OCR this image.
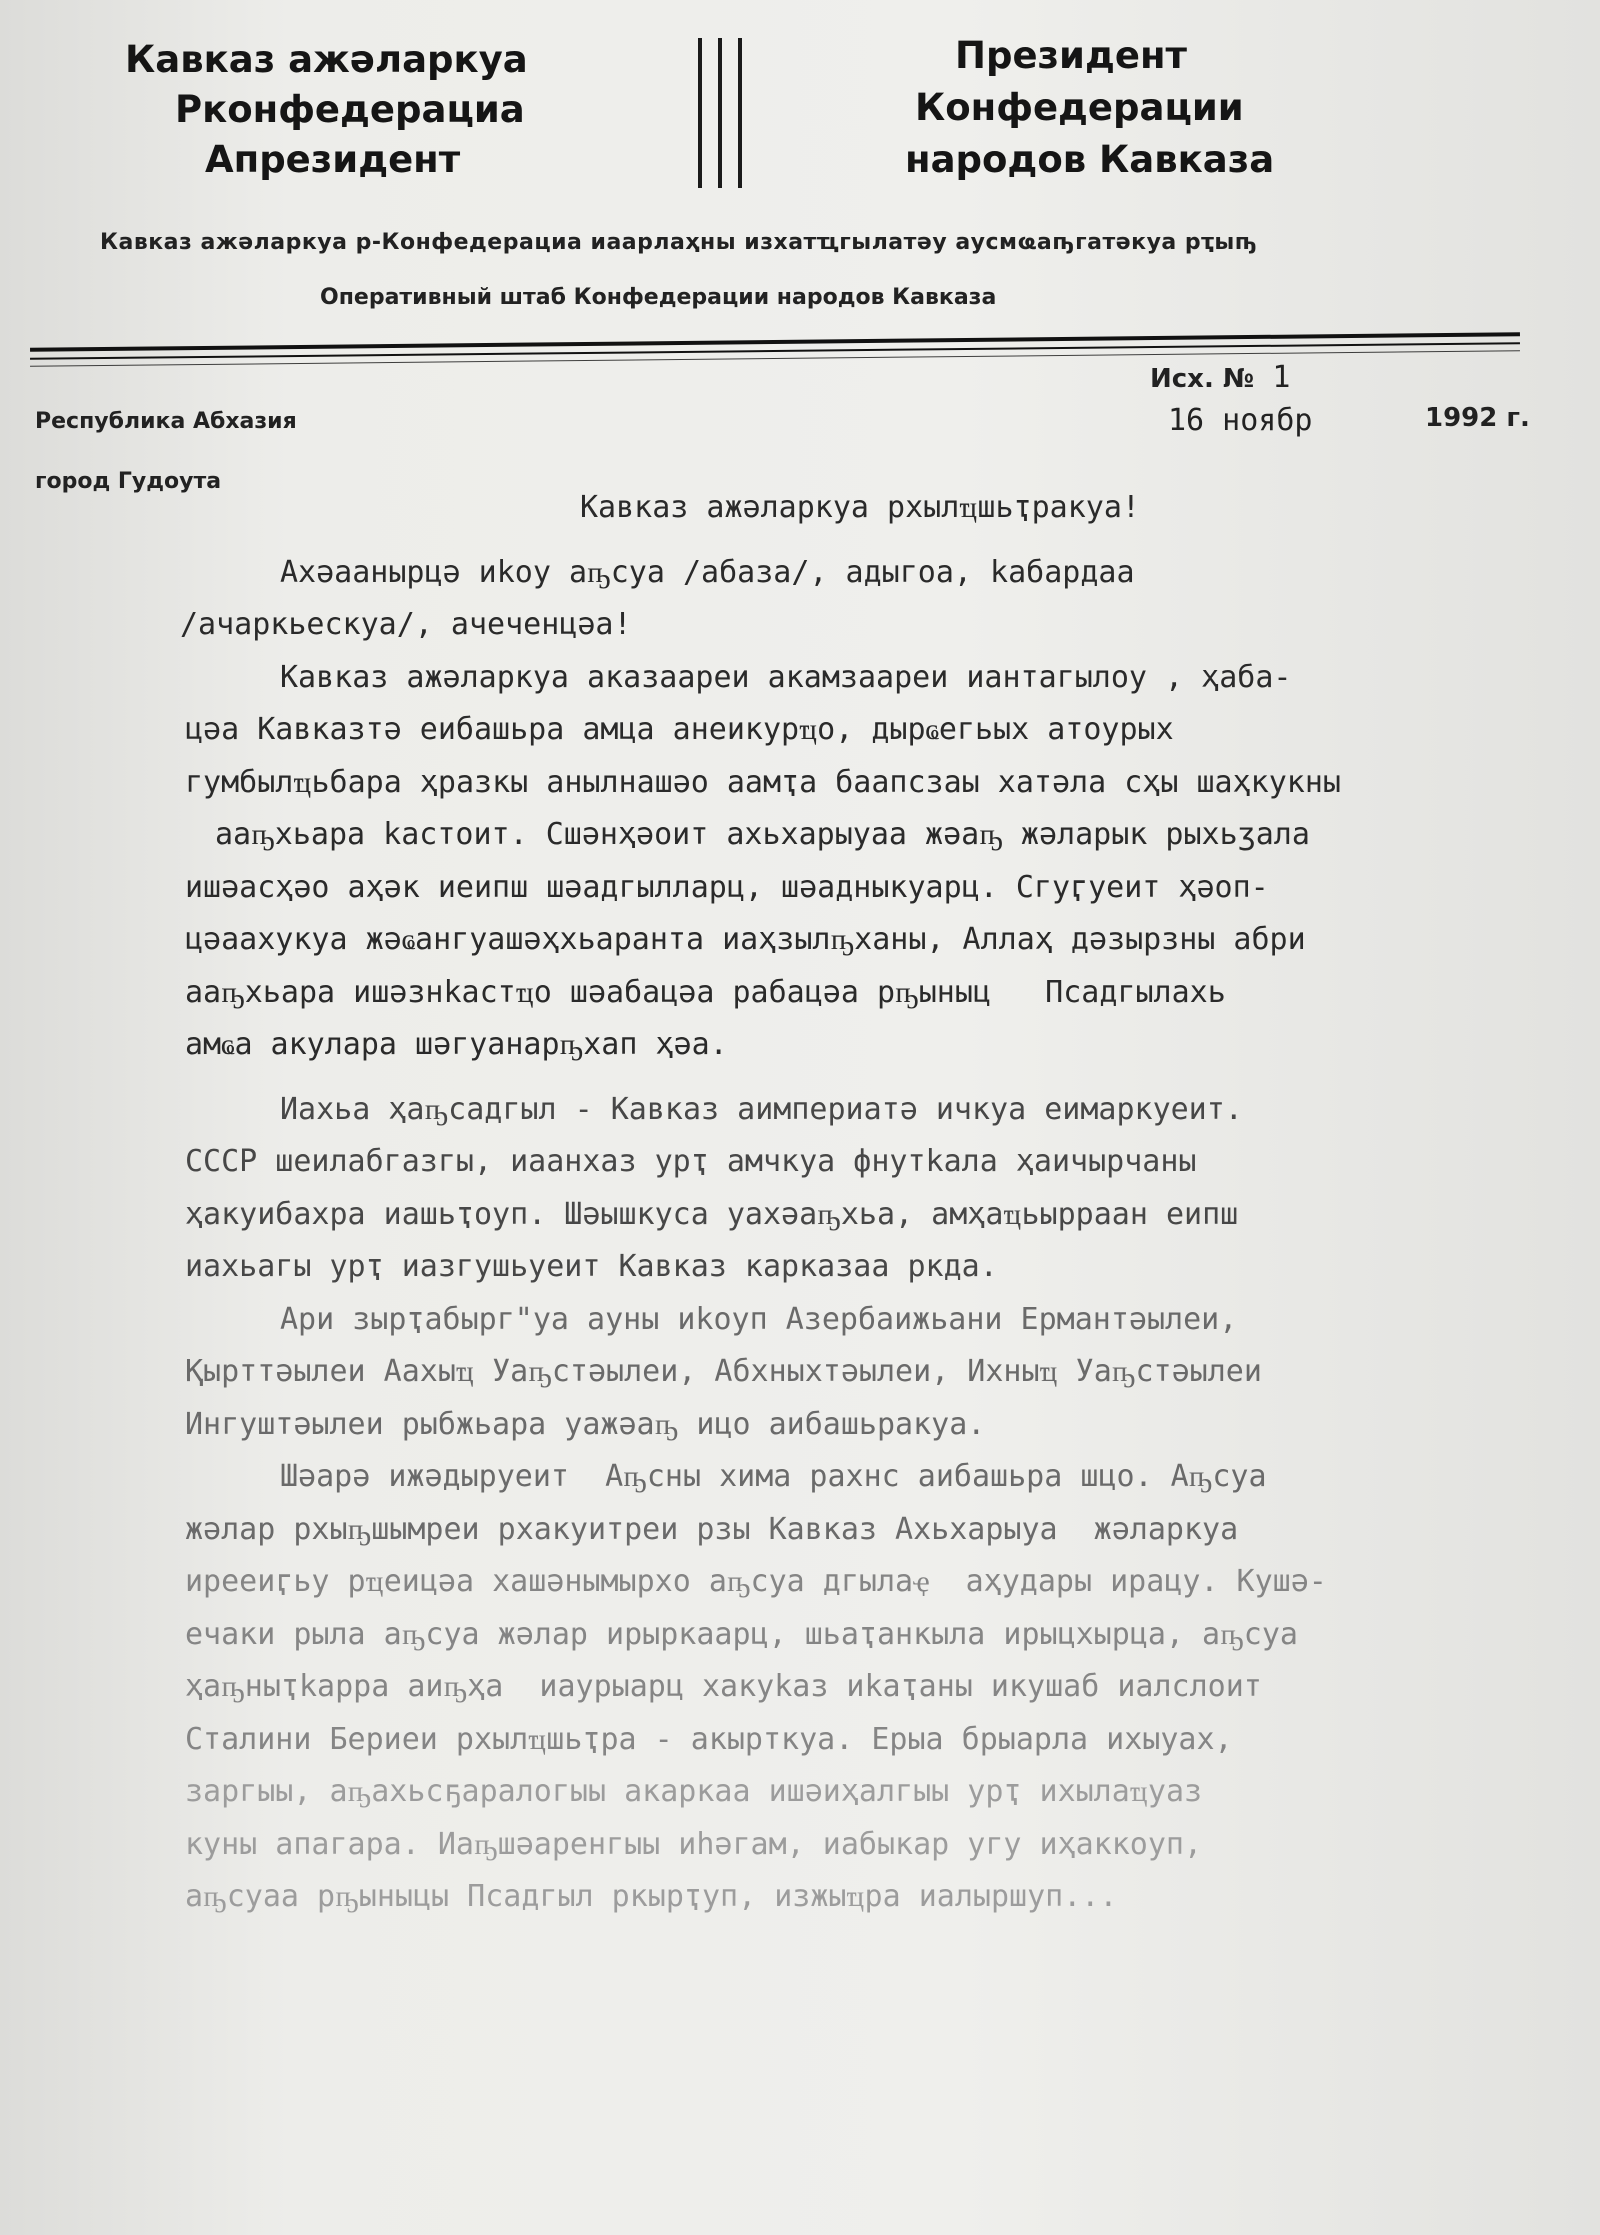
Кавказ ажәларкуа
Рконфедерациа
Апрезидент
Президент
Конфедерации
народов Кавказа
Кавказ ажәларкуа р-Конфедерациа иаарлаҳны изхатҵгылатәу аусмҩаҧгатәкуа рҭыҧ
Оперативный штаб Конфедерации народов Кавказа
Республика Абхазия
город Гудоута
Исх. № 1
16 ноябр	1992 г.
Кавказ ажәларкуа рхылҵшьҭракуа!
Ахәаанырцә иkоу аҧсуа /абаза/, адыгоа, kабардаа
/ачаркьескуа/, ачеченцәа!
Кавказ ажәларкуа аказаареи акамзаареи иантагылоу , ҳаба-
цәа Кавказтә еибашьра амца анеикурҵо, дырҩегьых атоурых
гумбылҵьбара ҳразкы анылнашәо аамҭа баапсзаы хатәла сҳы шаҳкукны
ааҧхьара kастоит. Сшәнҳәоит ахьхарыуаа жәаҧ жәларык рыхьӡала
ишәасҳәо аҳәк иеипш шәадгылларц, шәадныкуарц. Сгуӷуеит ҳәоп-
цәаахукуа жәҩангуашәҳхьаранта иаҳзылҧханы, Аллаҳ дәзырзны абри
ааҧхьара ишәзнkастҵо шәабацәа рабацәа рҧыныц   Псадгылахь
амҩа акулара шәгуанарҧхап ҳәа.
Иахьа ҳаҧсадгыл - Кавказ аимпериатә ичкуа еимаркуеит.
СССР шеилабгазгы, иаанхаз урҭ амчкуа фнутkала ҳаичырчаны
ҳакуибахра иашьҭоуп. Шәышкуса уахәаҧхьа, амҳаҵьырраан еипш
иахьагы урҭ иазгушьуеит Кавказ карказаа ркда.
Ари зырҭабырг"уа ауны иkоуп Азербаижьани Ермантәылеи,
Қырттәылеи Аахыҵ Уаҧстәылеи, Абхныхтәылеи, Ихныҵ Уаҧстәылеи
Ингуштәылеи рыбжьара уажәаҧ ицо аибашьракуа.
Шәарә ижәдыруеит  Аҧсны хима рахнс аибашьра шцо. Аҧсуа
жәлар рхыҧшымреи рхакуитреи рзы Кавказ Ахьхарыуа  жәларкуа
ирееиӷьу рҵеицәа хашәнымырхо аҧсуа дгылаҿ  аҳудары ирацу. Кушә-
ечаки рыла аҧсуа жәлар ирыркаарц, шьаҭанкыла ирыцхырца, аҧсуа
ҳаҧныҭkарра аиҧҳа  иаурыарц хакуkаз иkаҭаны икушаб иалслоит
Сталини Бериеи рхылҵшьҭра - акырткуа. Ерыа брыарла ихыуах,
заргыы, аҧахьсҕаралогыы акаркаа ишәиҳалгыы урҭ ихылаҵуаз
куны апагара. Иаҧшәаренгыы иhәгам, иабыкар угу иҳаккоуп,
аҧсуаа рҧыныцы Псадгыл ркырҭуп, изжыҵра иалыршуп...
